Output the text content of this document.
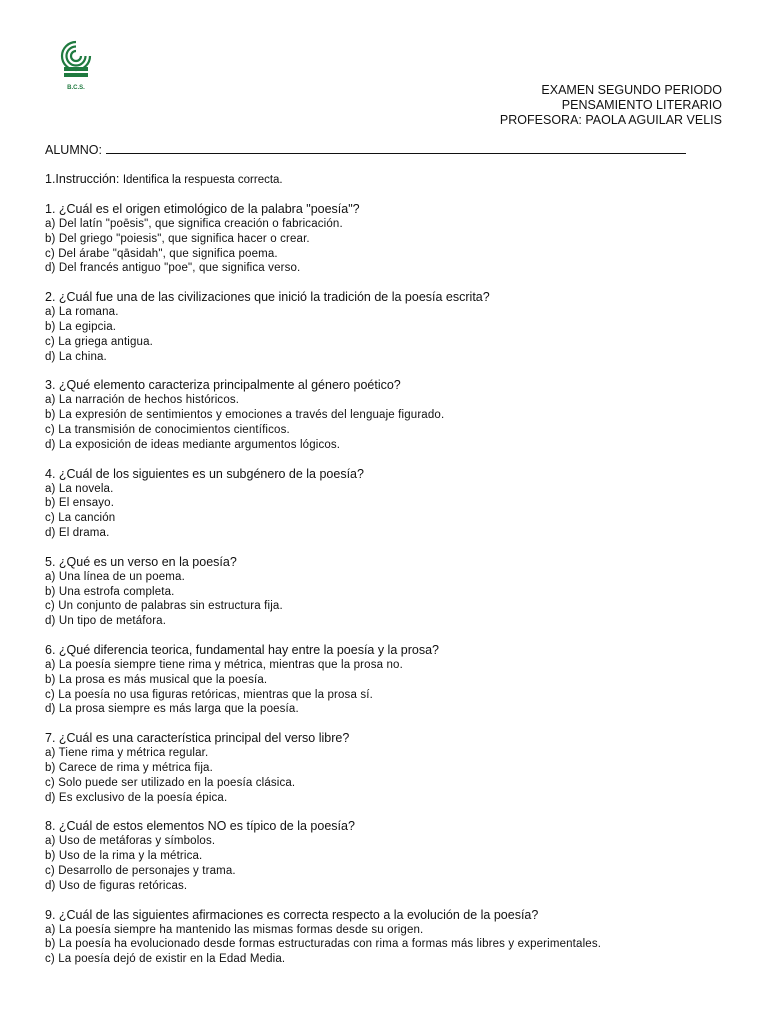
B.C.S.	EXAMEN SEGUNDO PERIODO
PENSAMIENTO LITERARIO
PROFESORA: PAOLA AGUILAR VELIS
ALUMNO:
1.Instrucción: Identifica la respuesta correcta.
1. ¿Cuál es el origen etimológico de la palabra "poesía"?
a) Del latín "poēsis", que significa creación o fabricación.
b) Del griego "poiesis", que significa hacer o crear.
c) Del árabe "qāsidah", que significa poema.
d) Del francés antiguo "poe", que significa verso.
2. ¿Cuál fue una de las civilizaciones que inició la tradición de la poesía escrita?
a) La romana.
b) La egipcia.
c) La griega antigua.
d) La china.
3. ¿Qué elemento caracteriza principalmente al género poético?
a) La narración de hechos históricos.
b) La expresión de sentimientos y emociones a través del lenguaje figurado.
c) La transmisión de conocimientos científicos.
d) La exposición de ideas mediante argumentos lógicos.
4. ¿Cuál de los siguientes es un subgénero de la poesía?
a) La novela.
b) El ensayo.
c) La canción
d) El drama.
5. ¿Qué es un verso en la poesía?
a) Una línea de un poema.
b) Una estrofa completa.
c) Un conjunto de palabras sin estructura fija.
d) Un tipo de metáfora.
6. ¿Qué diferencia teorica, fundamental hay entre la poesía y la prosa?
a) La poesía siempre tiene rima y métrica, mientras que la prosa no.
b) La prosa es más musical que la poesía.
c) La poesía no usa figuras retóricas, mientras que la prosa sí.
d) La prosa siempre es más larga que la poesía.
7. ¿Cuál es una característica principal del verso libre?
a) Tiene rima y métrica regular.
b) Carece de rima y métrica fija.
c) Solo puede ser utilizado en la poesía clásica.
d) Es exclusivo de la poesía épica.
8. ¿Cuál de estos elementos NO es típico de la poesía?
a) Uso de metáforas y símbolos.
b) Uso de la rima y la métrica.
c) Desarrollo de personajes y trama.
d) Uso de figuras retóricas.
9. ¿Cuál de las siguientes afirmaciones es correcta respecto a la evolución de la poesía?
a) La poesía siempre ha mantenido las mismas formas desde su origen.
b) La poesía ha evolucionado desde formas estructuradas con rima a formas más libres y experimentales.
c) La poesía dejó de existir en la Edad Media.
